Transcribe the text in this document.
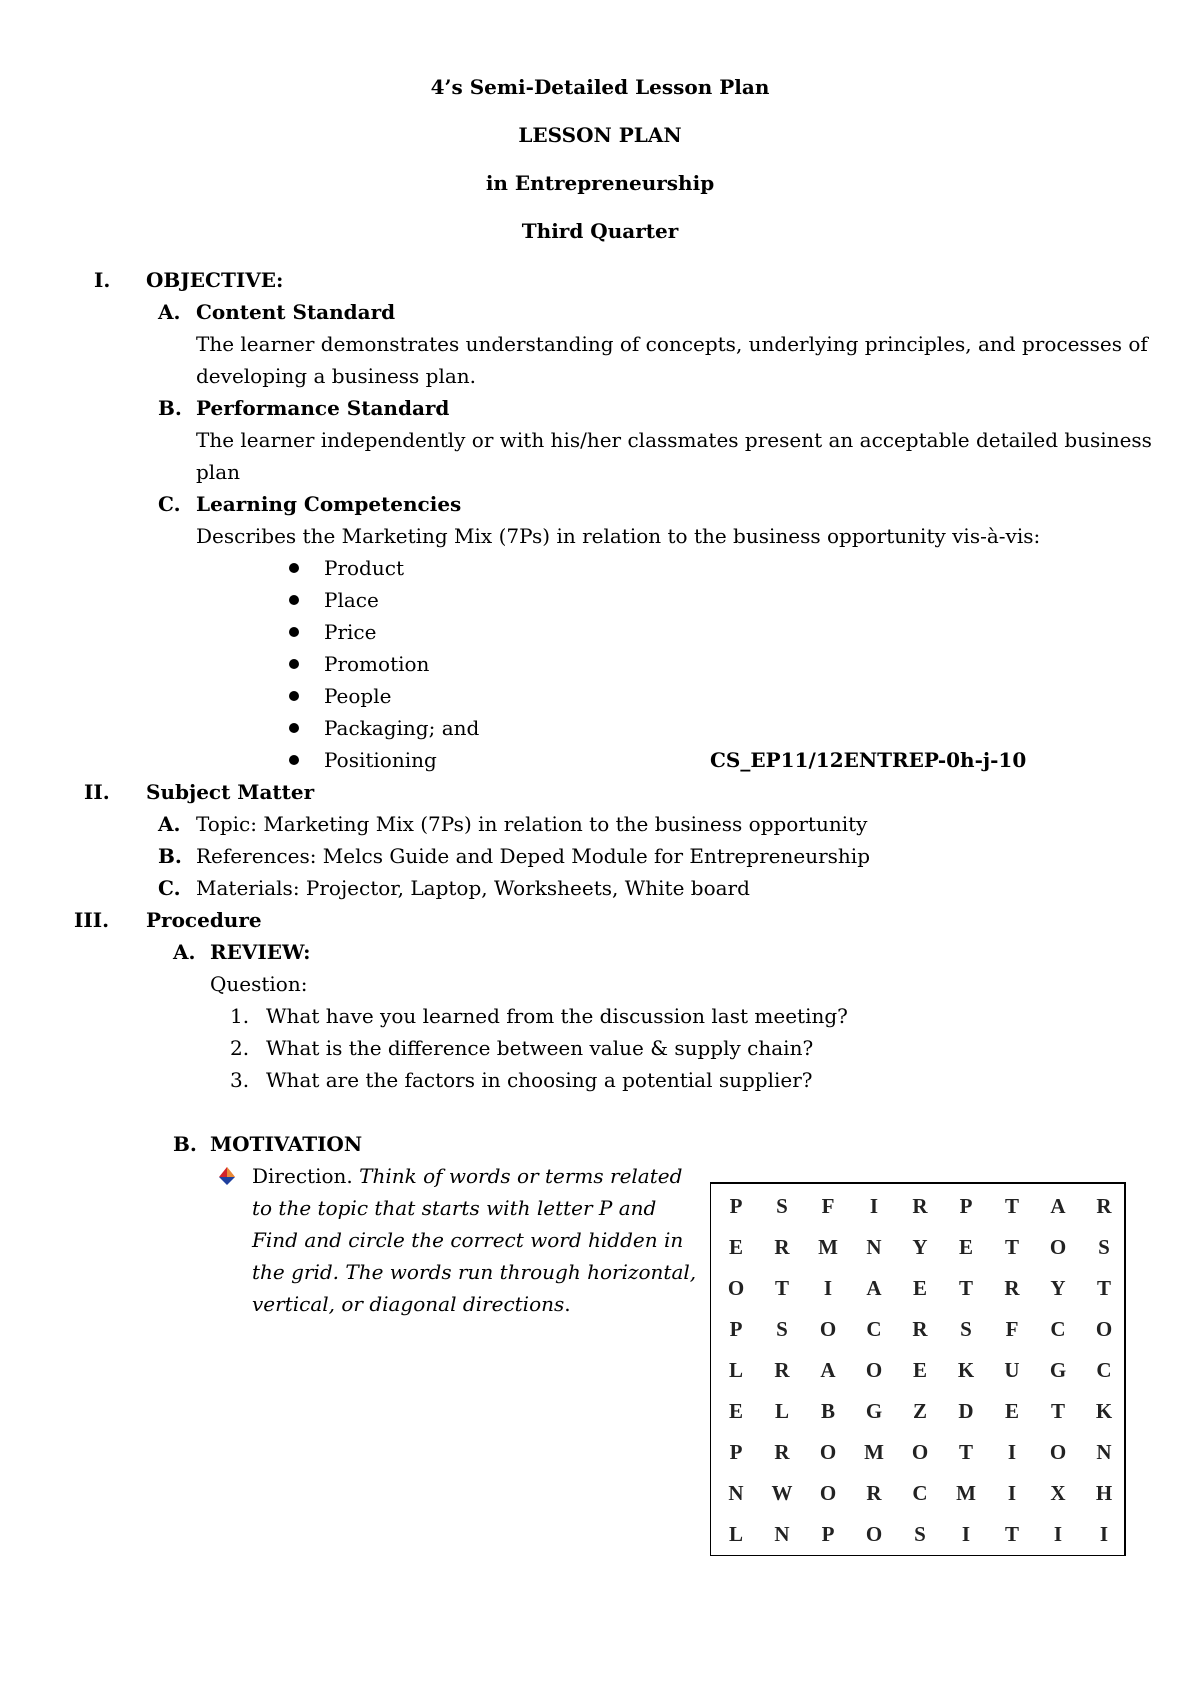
4’s Semi-Detailed Lesson Plan
LESSON PLAN
in Entrepreneurship
Third Quarter
I. OBJECTIVE:
A. Content Standard
The learner demonstrates understanding of concepts, underlying principles, and processes of
developing a business plan.
B. Performance Standard
The learner independently or with his/her classmates present an acceptable detailed business
plan
C. Learning Competencies
Describes the Marketing Mix (7Ps) in relation to the business opportunity vis-à-vis:
Product
Place
Price
Promotion
People
Packaging; and
Positioning	CS_EP11/12ENTREP-0h-j-10
II. Subject Matter
A. Topic: Marketing Mix (7Ps) in relation to the business opportunity
B. References: Melcs Guide and Deped Module for Entrepreneurship
C. Materials: Projector, Laptop, Worksheets, White board
III. Procedure
A. REVIEW:
Question:
1. What have you learned from the discussion last meeting?
2. What is the difference between value & supply chain?
3. What are the factors in choosing a potential supplier?
B. MOTIVATION
Direction. Think of words or terms related
to the topic that starts with letter P and
Find and circle the correct word hidden in
the grid. The words run through horizontal,
vertical, or diagonal directions.
P	S	F	I	R	P	T	A	R
E	R	M	N	Y	E	T	O	S
O	T	I	A	E	T	R	Y	T
P	S	O	C	R	S	F	C	O
L	R	A	O	E	K	U	G	C
E	L	B	G	Z	D	E	T	K
P	R	O	M	O	T	I	O	N
N	W	O	R	C	M	I	X	H
L	N	P	O	S	I	T	I	I
